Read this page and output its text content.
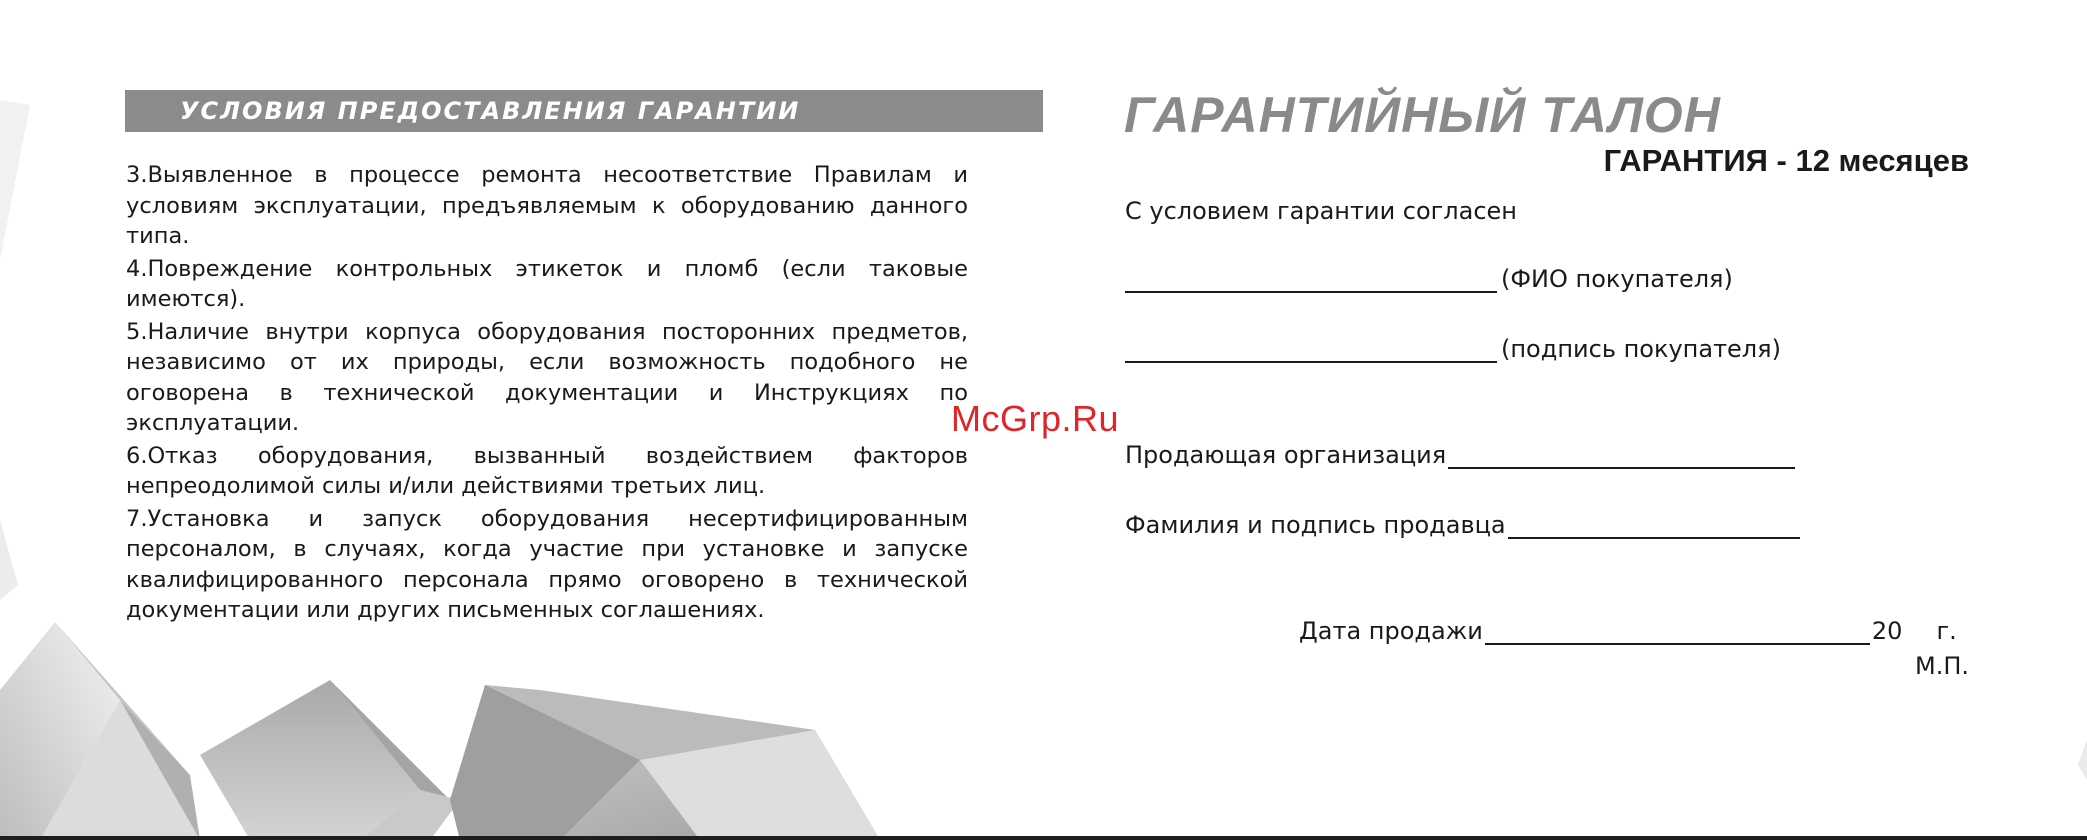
УСЛОВИЯ ПРЕДОСТАВЛЕНИЯ ГАРАНТИИ

3.Выявленное в процессе ремонта несоответствие Правилам и условиям эксплуатации, предъявляемым к оборудованию данного типа.

4.Повреждение контрольных этикеток и пломб (если таковые имеются).

5.Наличие внутри корпуса оборудования посторонних предметов, независимо от их природы, если возможность подобного не оговорена в технической документации и Инструкциях по эксплуатации.

6.Отказ оборудования, вызванный воздействием факторов непреодолимой силы и/или действиями третьих лиц.

7.Установка и запуск оборудования несертифицированным персоналом, в случаях, когда участие при установке и запуске квалифицированного персонала прямо оговорено в технической документации или других письменных соглашениях.

ГАРАНТИЙНЫЙ ТАЛОН
ГАРАНТИЯ - 12 месяцев
С условием гарантии согласен
(ФИО покупателя)
(подпись покупателя)
Продающая организация
Фамилия и подпись продавца
Дата продажи	20 г.
М.П.
McGrp.Ru
